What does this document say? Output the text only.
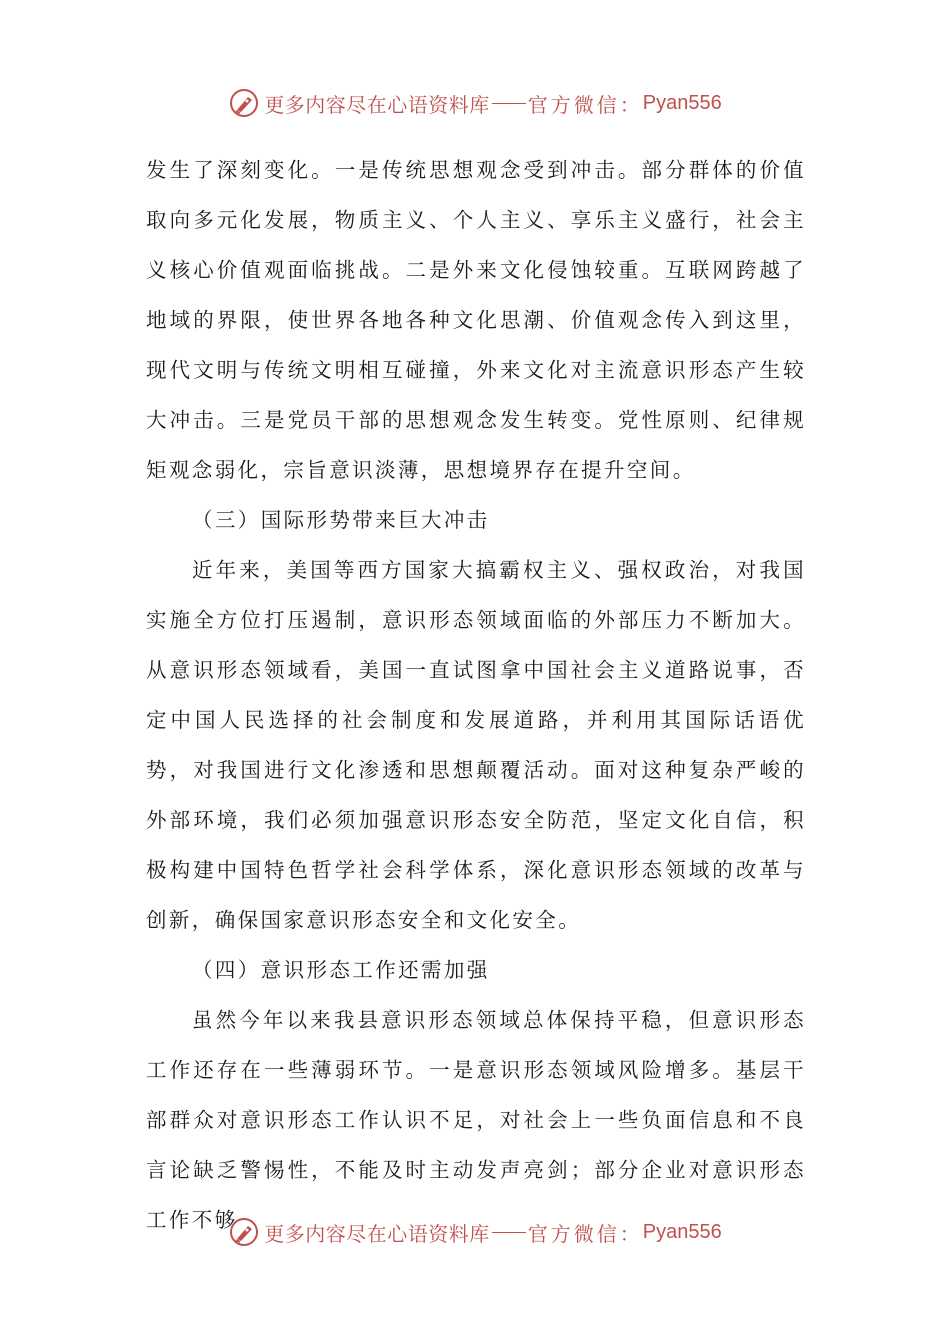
更多内容尽在心语资料库 官方微信： Pyan556

发生了深刻变化。一是传统思想观念受到冲击。部分群体的价值取向多元化发展，物质主义、个人主义、享乐主义盛行，社会主义核心价值观面临挑战。二是外来文化侵蚀较重。互联网跨越了地域的界限，使世界各地各种文化思潮、价值观念传入到这里，现代文明与传统文明相互碰撞，外来文化对主流意识形态产生较大冲击。三是党员干部的思想观念发生转变。党性原则、纪律规矩观念弱化，宗旨意识淡薄，思想境界存在提升空间。

（三）国际形势带来巨大冲击

近年来，美国等西方国家大搞霸权主义、强权政治，对我国实施全方位打压遏制，意识形态领域面临的外部压力不断加大。从意识形态领域看，美国一直试图拿中国社会主义道路说事，否定中国人民选择的社会制度和发展道路，并利用其国际话语优势，对我国进行文化渗透和思想颠覆活动。面对这种复杂严峻的外部环境，我们必须加强意识形态安全防范，坚定文化自信，积极构建中国特色哲学社会科学体系，深化意识形态领域的改革与创新，确保国家意识形态安全和文化安全。

（四）意识形态工作还需加强

虽然今年以来我县意识形态领域总体保持平稳，但意识形态工作还存在一些薄弱环节。一是意识形态领域风险增多。基层干部群众对意识形态工作认识不足，对社会上一些负面信息和不良言论缺乏警惕性，不能及时主动发声亮剑；部分企业对意识形态工作不够

更多内容尽在心语资料库 官方微信： Pyan556
